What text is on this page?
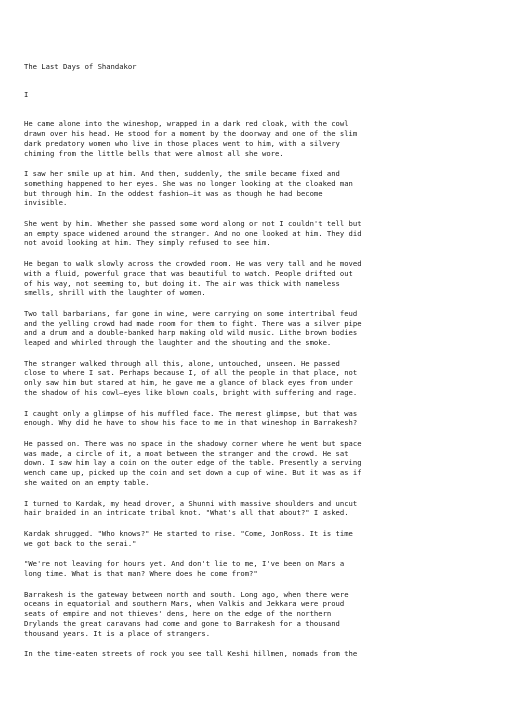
The Last Days of Shandakor
I

He came alone into the wineshop, wrapped in a dark red cloak, with the cowl
drawn over his head. He stood for a moment by the doorway and one of the slim
dark predatory women who live in those places went to him, with a silvery
chiming from the little bells that were almost all she wore.

I saw her smile up at him. And then, suddenly, the smile became fixed and
something happened to her eyes. She was no longer looking at the cloaked man
but through him. In the oddest fashion—it was as though he had become
invisible.

She went by him. Whether she passed some word along or not I couldn't tell but
an empty space widened around the stranger. And no one looked at him. They did
not avoid looking at him. They simply refused to see him.

He began to walk slowly across the crowded room. He was very tall and he moved
with a fluid, powerful grace that was beautiful to watch. People drifted out
of his way, not seeming to, but doing it. The air was thick with nameless
smells, shrill with the laughter of women.

Two tall barbarians, far gone in wine, were carrying on some intertribal feud
and the yelling crowd had made room for them to fight. There was a silver pipe
and a drum and a double-banked harp making old wild music. Lithe brown bodies
leaped and whirled through the laughter and the shouting and the smoke.

The stranger walked through all this, alone, untouched, unseen. He passed
close to where I sat. Perhaps because I, of all the people in that place, not
only saw him but stared at him, he gave me a glance of black eyes from under
the shadow of his cowl—eyes like blown coals, bright with suffering and rage.

I caught only a glimpse of his muffled face. The merest glimpse, but that was
enough. Why did he have to show his face to me in that wineshop in Barrakesh?

He passed on. There was no space in the shadowy corner where he went but space
was made, a circle of it, a moat between the stranger and the crowd. He sat
down. I saw him lay a coin on the outer edge of the table. Presently a serving
wench came up, picked up the coin and set down a cup of wine. But it was as if
she waited on an empty table.

I turned to Kardak, my head drover, a Shunni with massive shoulders and uncut
hair braided in an intricate tribal knot. "What's all that about?" I asked.

Kardak shrugged. "Who knows?" He started to rise. "Come, JonRoss. It is time
we got back to the serai."

"We're not leaving for hours yet. And don't lie to me, I've been on Mars a
long time. What is that man? Where does he come from?"

Barrakesh is the gateway between north and south. Long ago, when there were
oceans in equatorial and southern Mars, when Valkis and Jekkara were proud
seats of empire and not thieves' dens, here on the edge of the northern
Drylands the great caravans had come and gone to Barrakesh for a thousand
thousand years. It is a place of strangers.

In the time-eaten streets of rock you see tall Keshi hillmen, nomads from the
